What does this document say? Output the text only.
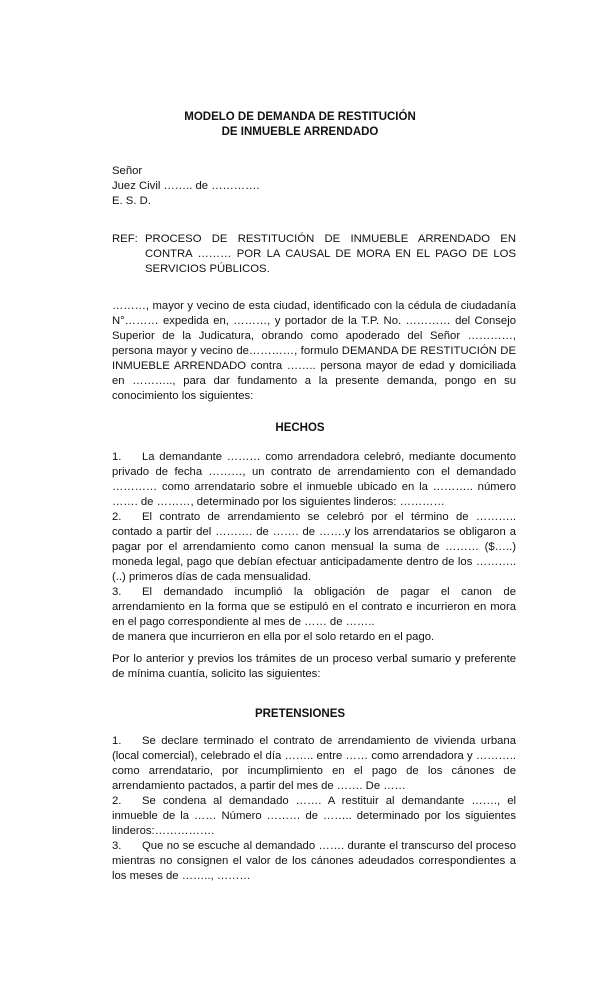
MODELO DE DEMANDA DE RESTITUCIÓN
DE INMUEBLE ARRENDADO
Señor
Juez Civil …….. de ………….
E. S. D.
REF: PROCESO DE RESTITUCIÓN DE INMUEBLE ARRENDADO EN CONTRA ……… POR LA CAUSAL DE MORA EN EL PAGO DE LOS SERVICIOS PÚBLICOS.
………, mayor y vecino de esta ciudad, identificado con la cédula de ciudadanía N°……… expedida en, ………, y portador de la T.P. No. ………… del Consejo Superior de la Judicatura, obrando como apoderado del Señor …………, persona mayor y vecino de…………, formulo DEMANDA DE RESTITUCIÓN DE INMUEBLE ARRENDADO contra …….. persona mayor de edad y domiciliada en ……….., para dar fundamento a la presente demanda, pongo en su conocimiento los siguientes:
HECHOS
1. La demandante ……… como arrendadora celebró, mediante documento privado de fecha ………, un contrato de arrendamiento con el demandado ………… como arrendatario sobre el inmueble ubicado en la ……….. número ……. de ………, determinado por los siguientes linderos: …………
2. El contrato de arrendamiento se celebró por el término de ……….. contado a partir del ………. de ……. de …….y los arrendatarios se obligaron a pagar por el arrendamiento como canon mensual la suma de ……… ($…..) moneda legal, pago que debían efectuar anticipadamente dentro de los ……….. (..) primeros días de cada mensualidad.
3. El demandado incumplió la obligación de pagar el canon de arrendamiento en la forma que se estipuló en el contrato e incurrieron en mora en el pago correspondiente al mes de …… de ……..
de manera que incurrieron en ella por el solo retardo en el pago.
Por lo anterior y previos los trámites de un proceso verbal sumario y preferente de mínima cuantía, solicito las siguientes:
PRETENSIONES
1. Se declare terminado el contrato de arrendamiento de vivienda urbana (local comercial), celebrado el día …….. entre …… como arrendadora y ……….. como arrendatario, por incumplimiento en el pago de los cánones de arrendamiento pactados, a partir del mes de ……. De ……
2. Se condena al demandado ……. A restituir al demandante ……., el inmueble de la …… Número ……… de …….. determinado por los siguientes linderos:…………….
3. Que no se escuche al demandado ……. durante el transcurso del proceso mientras no consignen el valor de los cánones adeudados correspondientes a los meses de …….., ………
